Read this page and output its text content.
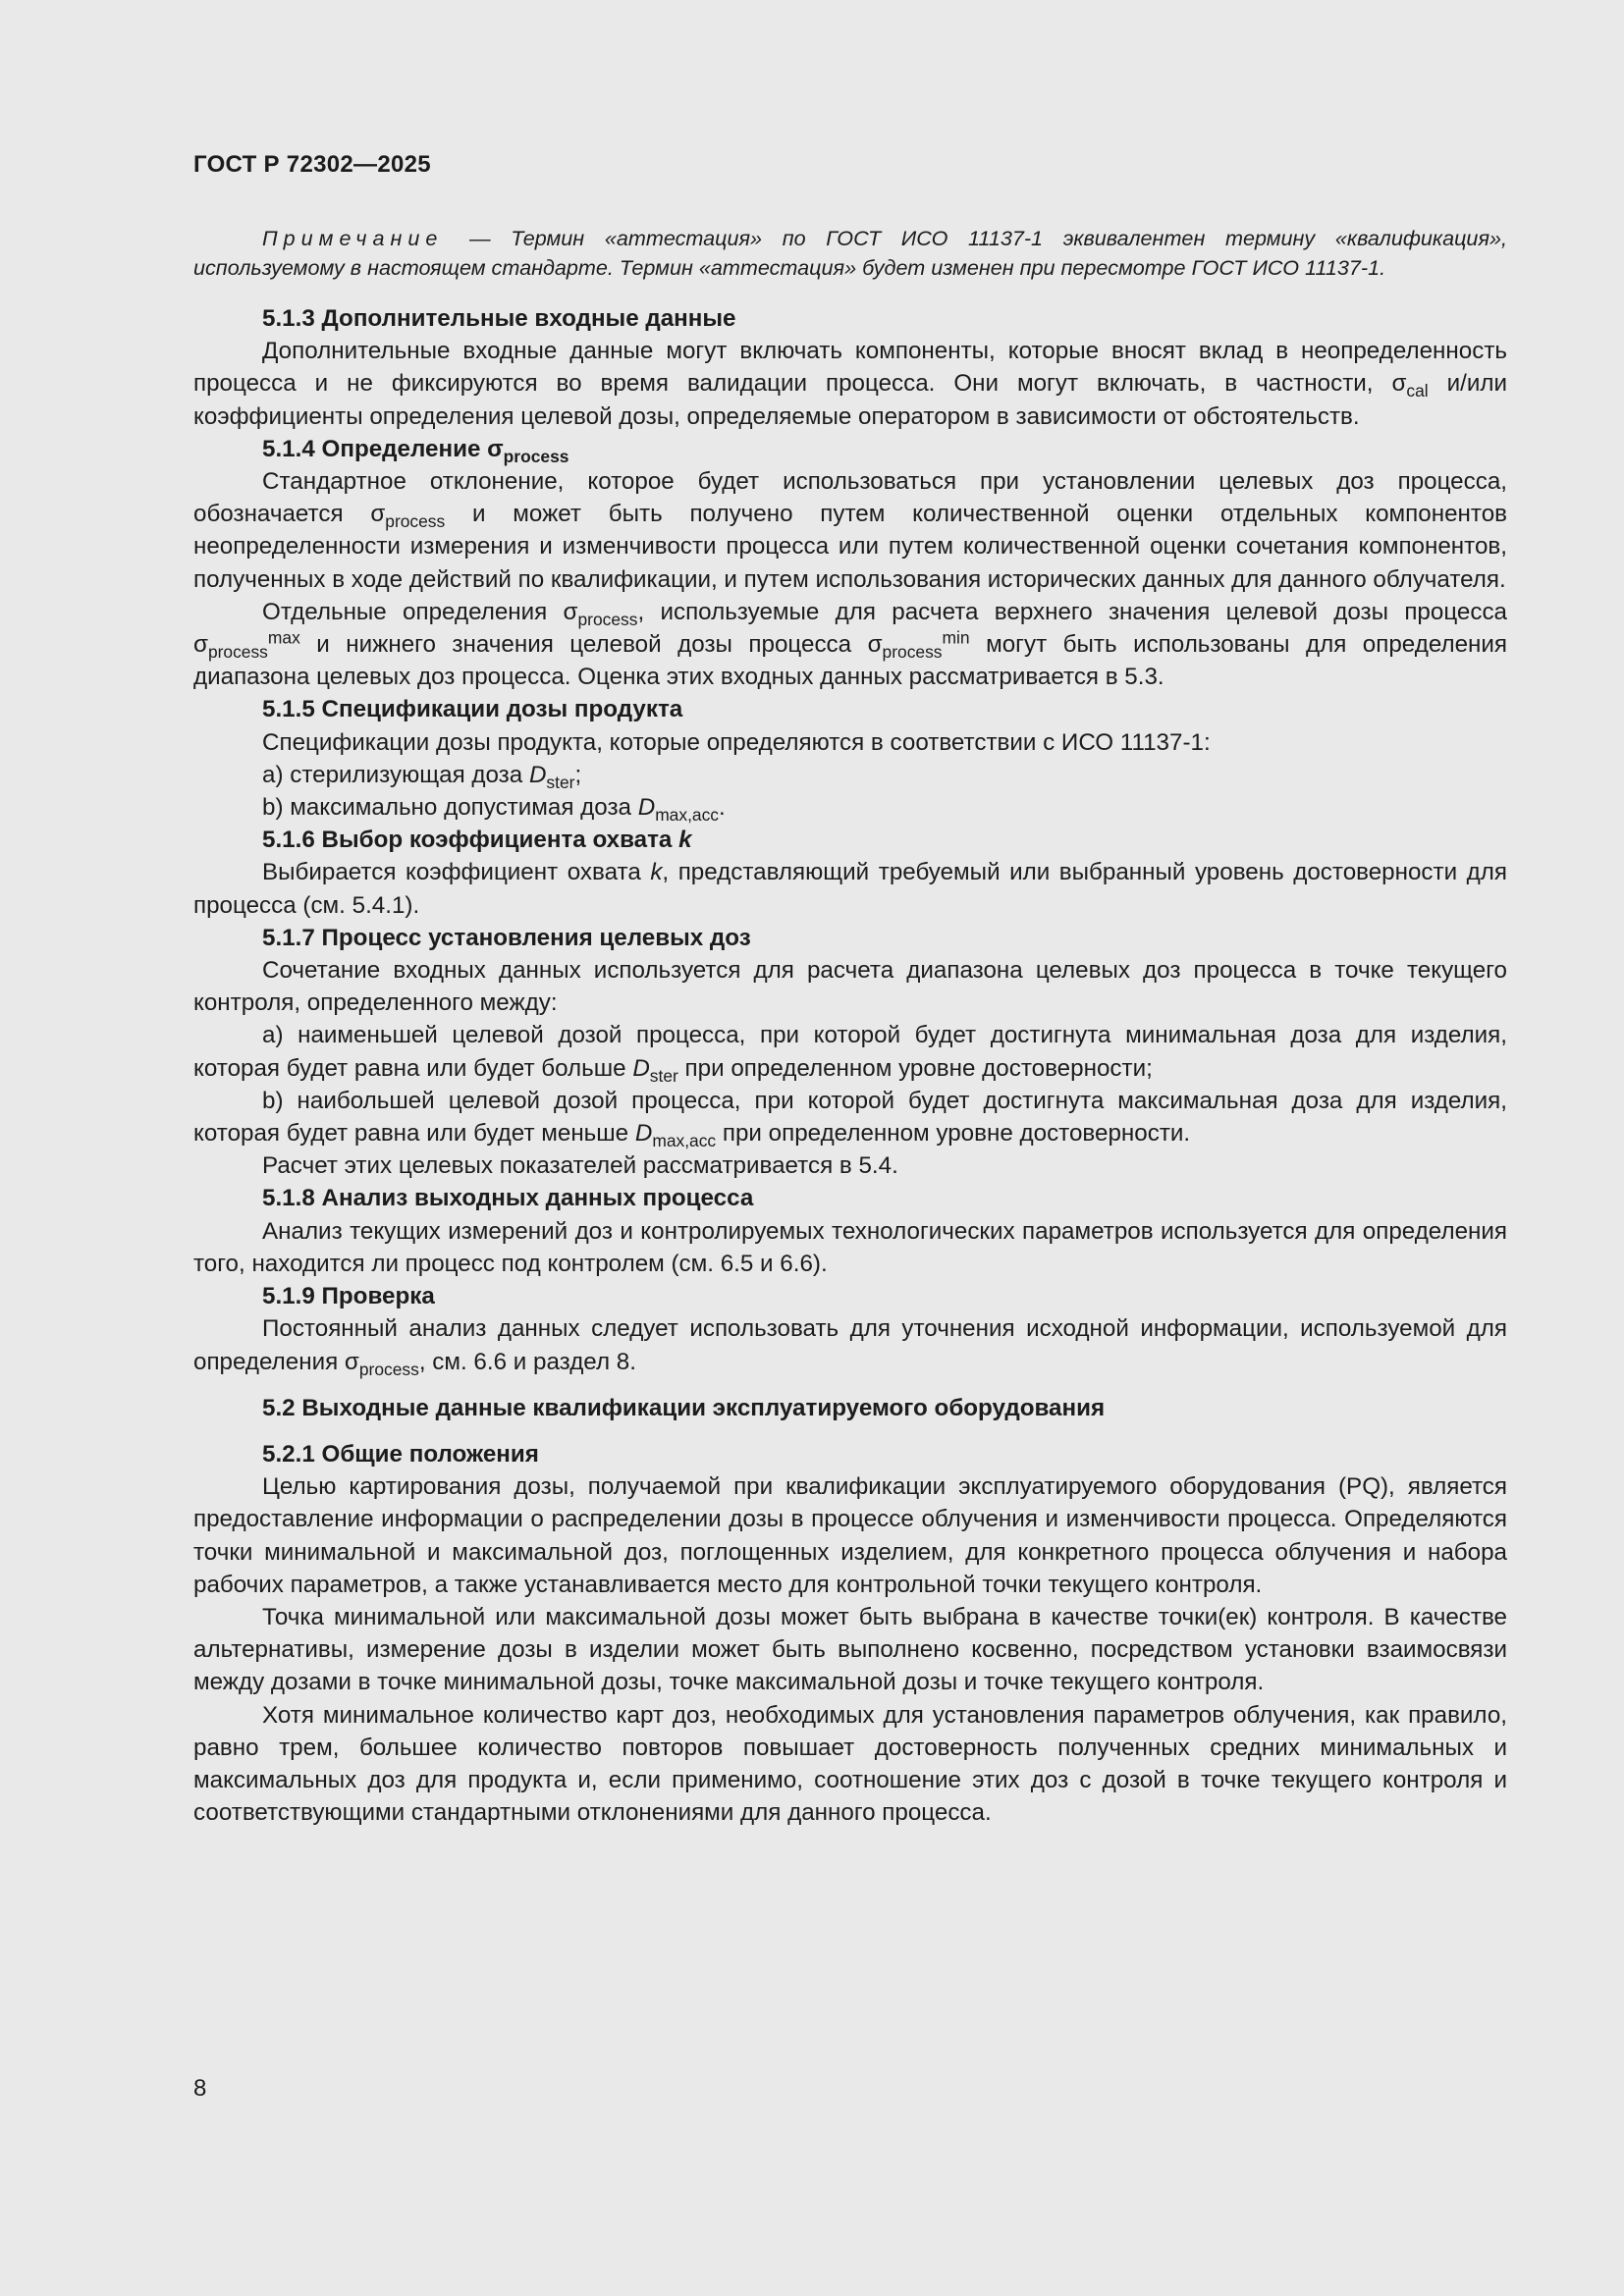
ГОСТ Р 72302—2025

Примечание — Термин «аттестация» по ГОСТ ИСО 11137-1 эквивалентен термину «квалификация», используемому в настоящем стандарте. Термин «аттестация» будет изменен при пересмотре ГОСТ ИСО 11137-1.

5.1.3 Дополнительные входные данные

Дополнительные входные данные могут включать компоненты, которые вносят вклад в неопределенность процесса и не фиксируются во время валидации процесса. Они могут включать, в частности, $\sigma_{cal}$ и/или коэффициенты определения целевой дозы, определяемые оператором в зависимости от обстоятельств.

5.1.4 Определение $\sigma_{process}$

Стандартное отклонение, которое будет использоваться при установлении целевых доз процесса, обозначается $\sigma_{process}$ и может быть получено путем количественной оценки отдельных компонентов неопределенности измерения и изменчивости процесса или путем количественной оценки сочетания компонентов, полученных в ходе действий по квалификации, и путем использования исторических данных для данного облучателя.

Отдельные определения $\sigma_{process}$, используемые для расчета верхнего значения целевой дозы процесса $\sigma_{process}^{max}$ и нижнего значения целевой дозы процесса $\sigma_{process}^{min}$ могут быть использованы для определения диапазона целевых доз процесса. Оценка этих входных данных рассматривается в 5.3.

5.1.5 Спецификации дозы продукта

Спецификации дозы продукта, которые определяются в соответствии с ИСО 11137-1:

a) стерилизующая доза $D_{ster}$;

b) максимально допустимая доза $D_{max,acc}$.

5.1.6 Выбор коэффициента охвата k

Выбирается коэффициент охвата k, представляющий требуемый или выбранный уровень достоверности для процесса (см. 5.4.1).

5.1.7 Процесс установления целевых доз

Сочетание входных данных используется для расчета диапазона целевых доз процесса в точке текущего контроля, определенного между:

a) наименьшей целевой дозой процесса, при которой будет достигнута минимальная доза для изделия, которая будет равна или будет больше $D_{ster}$ при определенном уровне достоверности;

b) наибольшей целевой дозой процесса, при которой будет достигнута максимальная доза для изделия, которая будет равна или будет меньше $D_{max,acc}$ при определенном уровне достоверности.

Расчет этих целевых показателей рассматривается в 5.4.

5.1.8 Анализ выходных данных процесса

Анализ текущих измерений доз и контролируемых технологических параметров используется для определения того, находится ли процесс под контролем (см. 6.5 и 6.6).

5.1.9 Проверка

Постоянный анализ данных следует использовать для уточнения исходной информации, используемой для определения $\sigma_{process}$, см. 6.6 и раздел 8.

5.2 Выходные данные квалификации эксплуатируемого оборудования
5.2.1 Общие положения

Целью картирования дозы, получаемой при квалификации эксплуатируемого оборудования (PQ), является предоставление информации о распределении дозы в процессе облучения и изменчивости процесса. Определяются точки минимальной и максимальной доз, поглощенных изделием, для конкретного процесса облучения и набора рабочих параметров, а также устанавливается место для контрольной точки текущего контроля.

Точка минимальной или максимальной дозы может быть выбрана в качестве точки(ек) контроля. В качестве альтернативы, измерение дозы в изделии может быть выполнено косвенно, посредством установки взаимосвязи между дозами в точке минимальной дозы, точке максимальной дозы и точке текущего контроля.

Хотя минимальное количество карт доз, необходимых для установления параметров облучения, как правило, равно трем, большее количество повторов повышает достоверность полученных средних минимальных и максимальных доз для продукта и, если применимо, соотношение этих доз с дозой в точке текущего контроля и соответствующими стандартными отклонениями для данного процесса.

8
